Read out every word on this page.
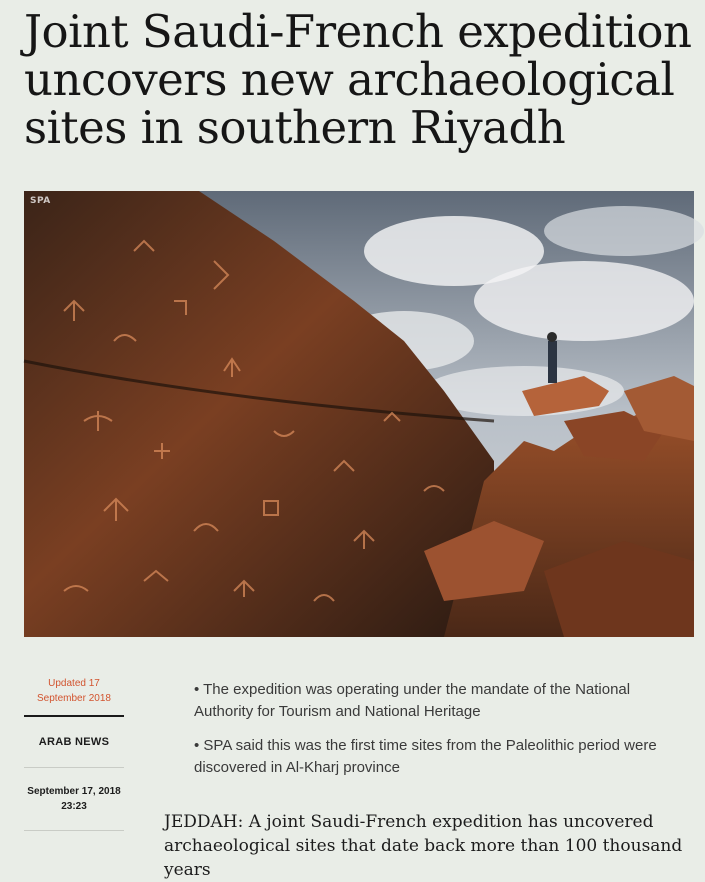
Joint Saudi-French expedition uncovers new archaeological sites in southern Riyadh
SPA
Updated 17 September 2018
ARAB NEWS
September 17, 2018 23:23
• The expedition was operating under the mandate of the National Authority for Tourism and National Heritage
• SPA said this was the first time sites from the Paleolithic period were discovered in Al-Kharj province

JEDDAH: A joint Saudi-French expedition has uncovered archaeological sites that date back more than 100 thousand years
